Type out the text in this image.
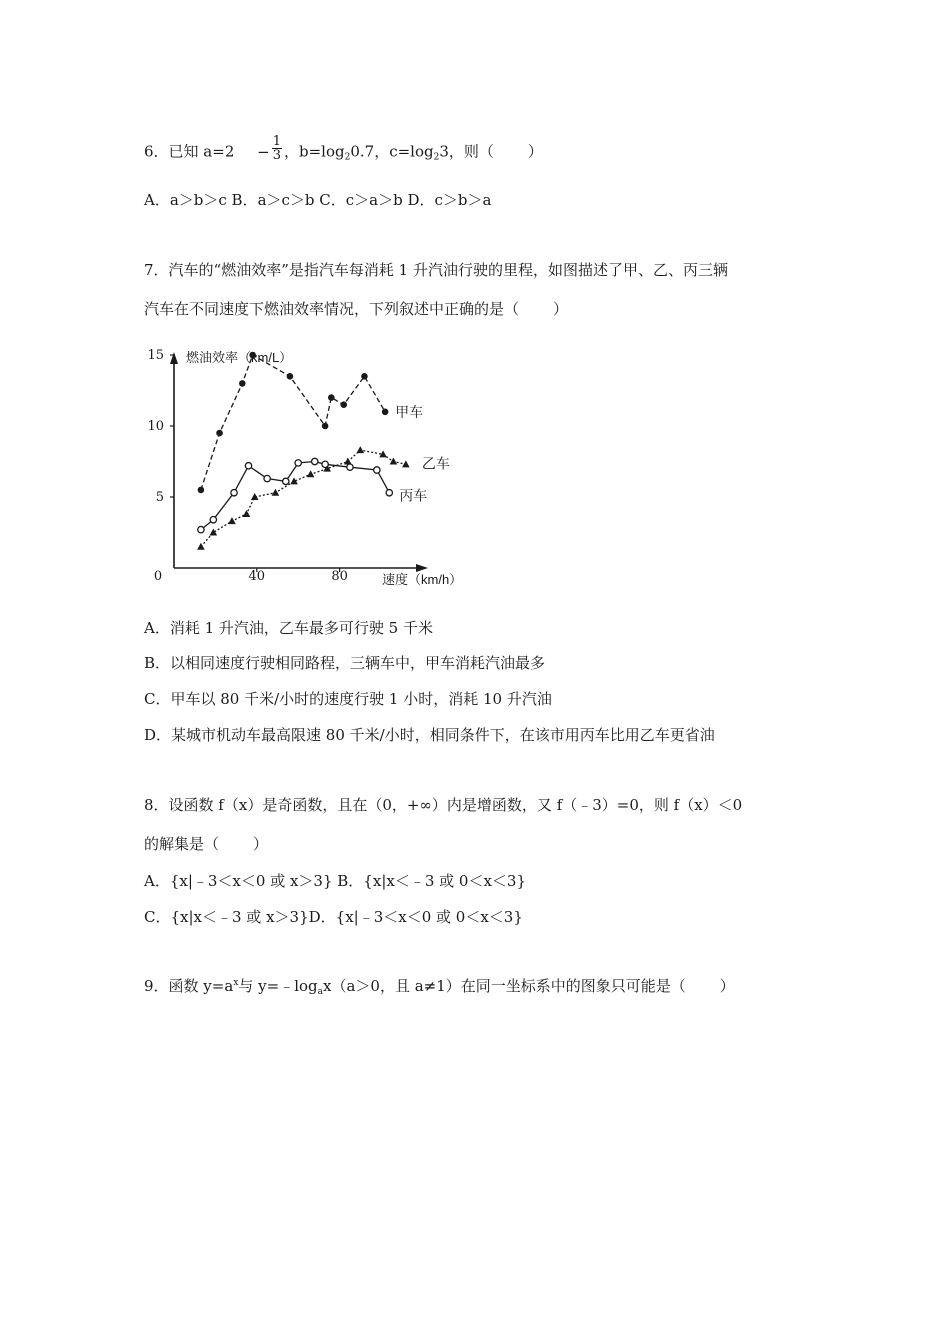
6．已知 $a=2 - \frac{1}{3}$ ，$b=\log_20.7$，$c=\log_23$，则（ ）
A．a＞b＞c B．a＞c＞b C．c＞a＞b D．c＞b＞a
7．汽车的“燃油效率”是指汽车每消耗 1 升汽油行驶的里程，如图描述了甲、乙、丙三辆
汽车在不同速度下燃油效率情况，下列叙述中正确的是（ ）
5
10
15
0	40	80
甲车
乙车
丙车
燃油效率（km/L）
速度（km/h）
A．消耗 1 升汽油，乙车最多可行驶 5 千米
B．以相同速度行驶相同路程，三辆车中，甲车消耗汽油最多
C．甲车以 80 千米/小时的速度行驶 1 小时，消耗 10 升汽油
D．某城市机动车最高限速 80 千米/小时，相同条件下，在该市用丙车比用乙车更省油
8．设函数 f（x）是奇函数，且在（0，+∞）内是增函数，又 f（﹣3）=0，则 f（x）＜0
的解集是（ ）
A．{x|﹣3＜x＜0 或 x＞3} B．{x|x＜﹣3 或 0＜x＜3}
C．{x|x＜﹣3 或 x＞3}D．{x|﹣3＜x＜0 或 0＜x＜3}
9．函数 $y=a^x$与 $y=﹣\log_ax(a>0$，且 a≠1）在同一坐标系中的图象只可能是（ ）
